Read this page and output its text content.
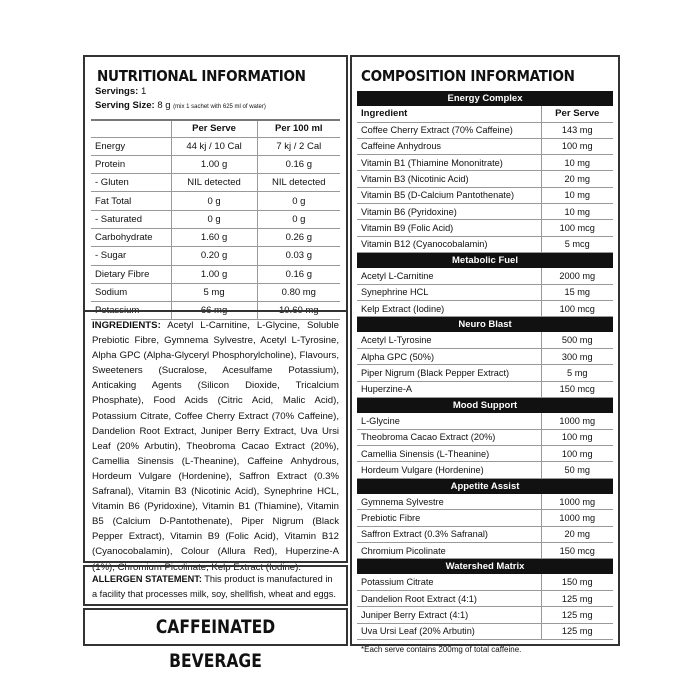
NUTRITIONAL INFORMATION
Servings: 1
Serving Size: 8 g (mix 1 sachet with 625 ml of water)
	Per Serve	Per 100 ml
Energy	44 kj / 10 Cal	7 kj / 2 Cal
Protein	1.00 g	0.16 g
- Gluten	NIL detected	NIL detected
Fat Total	0 g	0 g
- Saturated	0 g	0 g
Carbohydrate	1.60 g	0.26 g
- Sugar	0.20 g	0.03 g
Dietary Fibre	1.00 g	0.16 g
Sodium	5 mg	0.80 mg
Potassium	66 mg	10.60 mg
INGREDIENTS: Acetyl L-Carnitine, L-Glycine, Soluble Prebiotic Fibre, Gymnema Sylvestre, Acetyl L-Tyrosine, Alpha GPC (Alpha-Glyceryl Phosphorylcholine), Flavours, Sweeteners (Sucralose, Acesulfame Potassium), Anticaking Agents (Silicon Dioxide, Tricalcium Phosphate), Food Acids (Citric Acid, Malic Acid), Potassium Citrate, Coffee Cherry Extract (70% Caffeine), Dandelion Root Extract, Juniper Berry Extract, Uva Ursi Leaf (20% Arbutin), Theobroma Cacao Extract (20%), Camellia Sinensis (L-Theanine), Caffeine Anhydrous, Hordeum Vulgare (Hordenine), Saffron Extract (0.3% Safranal), Vitamin B3 (Nicotinic Acid), Synephrine HCL, Vitamin B6 (Pyridoxine), Vitamin B1 (Thiamine), Vitamin B5 (Calcium D-Pantothenate), Piper Nigrum (Black Pepper Extract), Vitamin B9 (Folic Acid), Vitamin B12 (Cyanocobalamin), Colour (Allura Red), Huperzine-A (1%), Chromium Picolinate, Kelp Extract (Iodine).
ALLERGEN STATEMENT: This product is manufactured in a facility that processes milk, soy, shellfish, wheat and eggs.
CAFFEINATED BEVERAGE
COMPOSITION INFORMATION
Energy Complex
Ingredient	Per Serve
Coffee Cherry Extract (70% Caffeine)	143 mg
Caffeine Anhydrous	100 mg
Vitamin B1 (Thiamine Mononitrate)	10 mg
Vitamin B3 (Nicotinic Acid)	20 mg
Vitamin B5 (D-Calcium Pantothenate)	10 mg
Vitamin B6 (Pyridoxine)	10 mg
Vitamin B9 (Folic Acid)	100 mcg
Vitamin B12 (Cyanocobalamin)	5 mcg
Metabolic Fuel
Acetyl L-Carnitine	2000 mg
Synephrine HCL	15 mg
Kelp Extract (Iodine)	100 mcg
Neuro Blast
Acetyl L-Tyrosine	500 mg
Alpha GPC (50%)	300 mg
Piper Nigrum (Black Pepper Extract)	5 mg
Huperzine-A	150 mcg
Mood Support
L-Glycine	1000 mg
Theobroma Cacao Extract (20%)	100 mg
Camellia Sinensis (L-Theanine)	100 mg
Hordeum Vulgare (Hordenine)	50 mg
Appetite Assist
Gymnema Sylvestre	1000 mg
Prebiotic Fibre	1000 mg
Saffron Extract (0.3% Safranal)	20 mg
Chromium Picolinate	150 mcg
Watershed Matrix
Potassium Citrate	150 mg
Dandelion Root Extract (4:1)	125 mg
Juniper Berry Extract (4:1)	125 mg
Uva Ursi Leaf (20% Arbutin)	125 mg
*Each serve contains 200mg of total caffeine.
